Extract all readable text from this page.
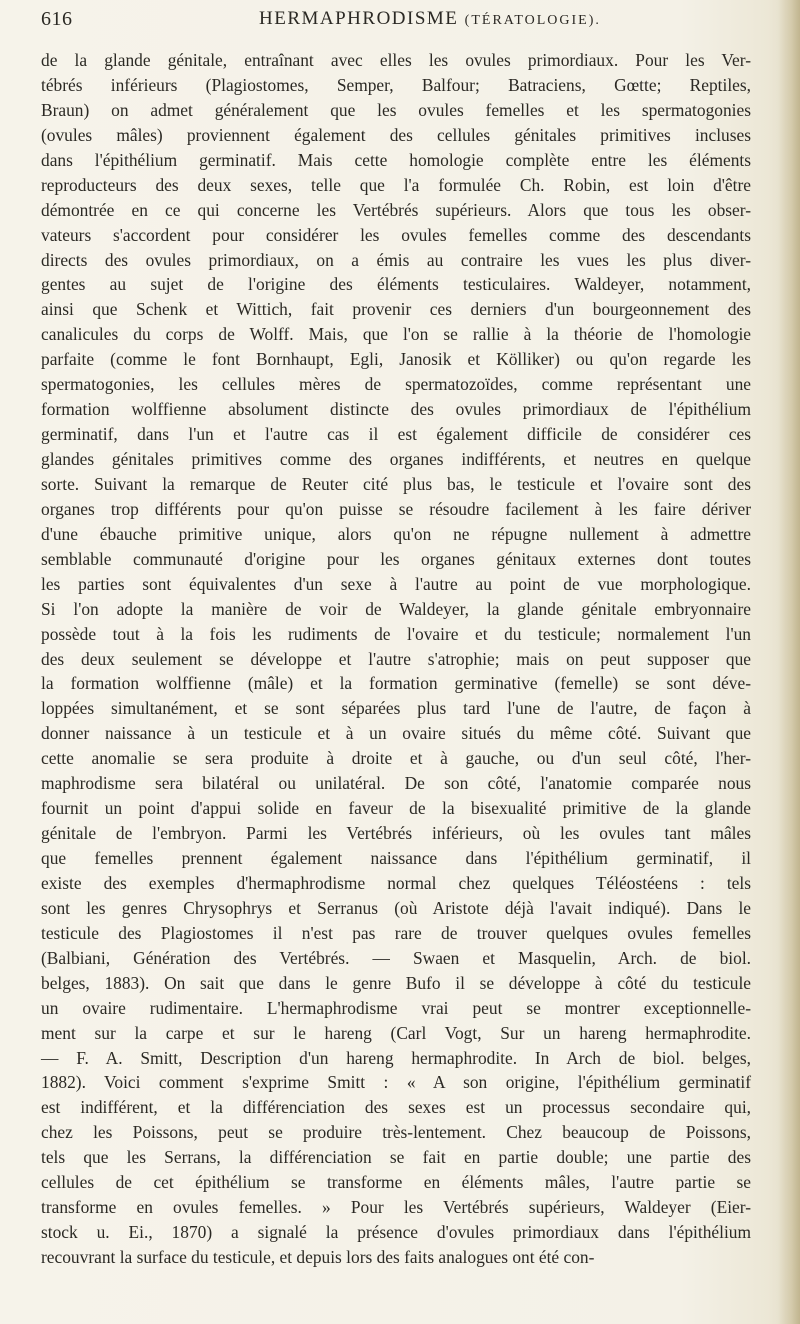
616	HERMAPHRODISME (TÉRATOLOGIE).
de la glande génitale, entraînant avec elles les ovules primordiaux. Pour les Ver-
tébrés inférieurs (Plagiostomes, Semper, Balfour; Batraciens, Gœtte; Reptiles,
Braun) on admet généralement que les ovules femelles et les spermatogonies
(ovules mâles) proviennent également des cellules génitales primitives incluses
dans l'épithélium germinatif. Mais cette homologie complète entre les éléments
reproducteurs des deux sexes, telle que l'a formulée Ch. Robin, est loin d'être
démontrée en ce qui concerne les Vertébrés supérieurs. Alors que tous les obser-
vateurs s'accordent pour considérer les ovules femelles comme des descendants
directs des ovules primordiaux, on a émis au contraire les vues les plus diver-
gentes au sujet de l'origine des éléments testiculaires. Waldeyer, notamment,
ainsi que Schenk et Wittich, fait provenir ces derniers d'un bourgeonnement des
canalicules du corps de Wolff. Mais, que l'on se rallie à la théorie de l'homologie
parfaite (comme le font Bornhaupt, Egli, Janosik et Kölliker) ou qu'on regarde les
spermatogonies, les cellules mères de spermatozoïdes, comme représentant une
formation wolffienne absolument distincte des ovules primordiaux de l'épithélium
germinatif, dans l'un et l'autre cas il est également difficile de considérer ces
glandes génitales primitives comme des organes indifférents, et neutres en quelque
sorte. Suivant la remarque de Reuter cité plus bas, le testicule et l'ovaire sont des
organes trop différents pour qu'on puisse se résoudre facilement à les faire dériver
d'une ébauche primitive unique, alors qu'on ne répugne nullement à admettre
semblable communauté d'origine pour les organes génitaux externes dont toutes
les parties sont équivalentes d'un sexe à l'autre au point de vue morphologique.
Si l'on adopte la manière de voir de Waldeyer, la glande génitale embryonnaire
possède tout à la fois les rudiments de l'ovaire et du testicule; normalement l'un
des deux seulement se développe et l'autre s'atrophie; mais on peut supposer que
la formation wolffienne (mâle) et la formation germinative (femelle) se sont déve-
loppées simultanément, et se sont séparées plus tard l'une de l'autre, de façon à
donner naissance à un testicule et à un ovaire situés du même côté. Suivant que
cette anomalie se sera produite à droite et à gauche, ou d'un seul côté, l'her-
maphrodisme sera bilatéral ou unilatéral. De son côté, l'anatomie comparée nous
fournit un point d'appui solide en faveur de la bisexualité primitive de la glande
génitale de l'embryon. Parmi les Vertébrés inférieurs, où les ovules tant mâles
que femelles prennent également naissance dans l'épithélium germinatif, il
existe des exemples d'hermaphrodisme normal chez quelques Téléostéens : tels
sont les genres Chrysophrys et Serranus (où Aristote déjà l'avait indiqué). Dans le
testicule des Plagiostomes il n'est pas rare de trouver quelques ovules femelles
(Balbiani, Génération des Vertébrés. — Swaen et Masquelin, Arch. de biol.
belges, 1883). On sait que dans le genre Bufo il se développe à côté du testicule
un ovaire rudimentaire. L'hermaphrodisme vrai peut se montrer exceptionnelle-
ment sur la carpe et sur le hareng (Carl Vogt, Sur un hareng hermaphrodite.
— F. A. Smitt, Description d'un hareng hermaphrodite. In Arch de biol. belges,
1882). Voici comment s'exprime Smitt : « A son origine, l'épithélium germinatif
est indifférent, et la différenciation des sexes est un processus secondaire qui,
chez les Poissons, peut se produire très-lentement. Chez beaucoup de Poissons,
tels que les Serrans, la différenciation se fait en partie double; une partie des
cellules de cet épithélium se transforme en éléments mâles, l'autre partie se
transforme en ovules femelles. » Pour les Vertébrés supérieurs, Waldeyer (Eier-
stock u. Ei., 1870) a signalé la présence d'ovules primordiaux dans l'épithélium
recouvrant la surface du testicule, et depuis lors des faits analogues ont été con-
